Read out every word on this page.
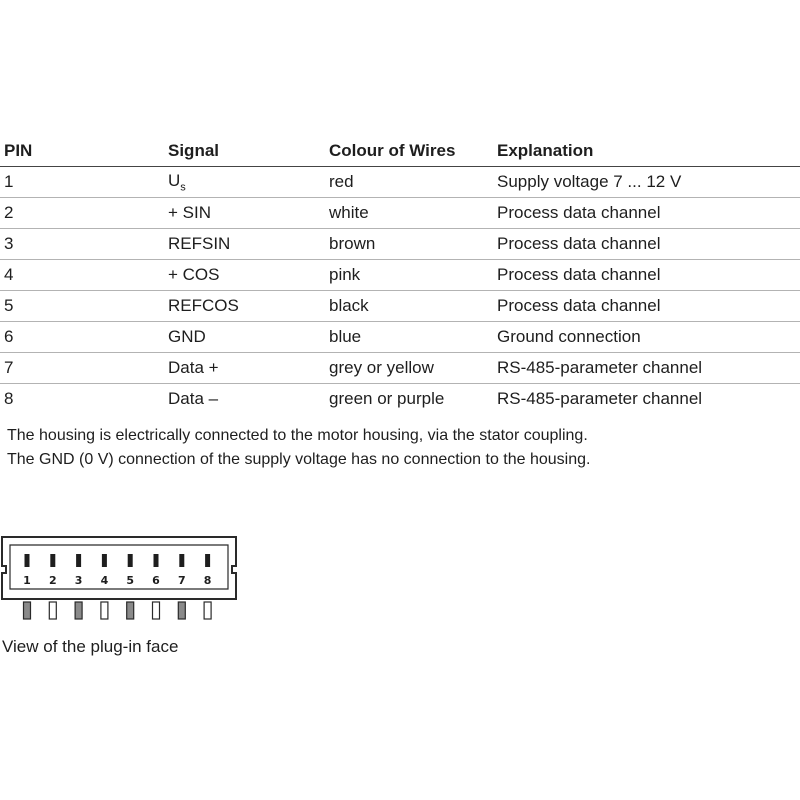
PIN	Signal	Colour of Wires	Explanation
1	$U_s$	red	Supply voltage 7 ... 12 V
2	+ SIN	white	Process data channel
3	REFSIN	brown	Process data channel
4	+ COS	pink	Process data channel
5	REFCOS	black	Process data channel
6	GND	blue	Ground connection
7	Data +	grey or yellow	RS-485-parameter channel
8	Data –	green or purple	RS-485-parameter channel

The housing is electrically connected to the motor housing, via the stator coupling.

The GND (0 V) connection of the supply voltage has no connection to the housing.

1 2 3 4 5 6 7 8
View of the plug-in face
